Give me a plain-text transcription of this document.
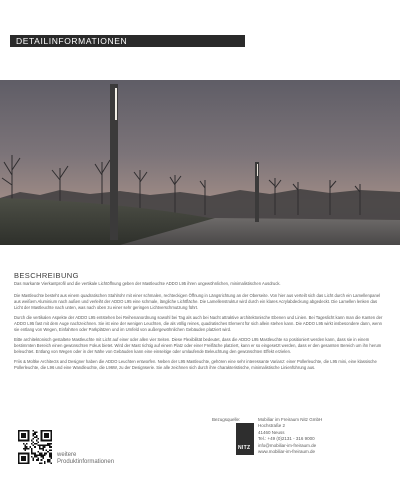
DETAILINFORMATIONEN
BESCHREIBUNG

Das markante Vierkantprofil und die vertikale Lichtöffnung geben der Mastleuchte ADDO L95 ihren ungewöhnlichen, minimalistischen Ausdruck.

Die Mastleuchte besteht aus einem quadratischen Stahlrohr mit einer schmalen, rechteckigen Öffnung in Längsrichtung an der Oberseite. Von hier aus verteilt sich das Licht durch ein Lamellenpanel aus weißem Aluminium nach außen und verleiht der ADDO L95 eine schmale, längliche Lichtfläche. Die Lamellenstruktur wird durch ein klares Acrylabdeckung abgedeckt. Die Lamellen lenken das Licht der Mastleuchte nach unten, was nach oben zu einer sehr geringen Lichtverschmutzung führt.

Durch die vertikalen Aspekte der ADDO L95 entstehen bei Reihenanordnung sowohl bei Tag als auch bei Nacht attraktive architektonische Ebenen und Linien. Bei Tageslicht kann man die Kanten der ADDO L95 fast mit dem Auge nachzeichnen. Sie ist eine der wenigen Leuchten, die als völlig reines, quadratisches Element für sich allein stehen kann. Die ADDO L95 wirkt insbesondere dann, wenn sie entlang von Wegen, Einfahrten oder Parkplätzen und im Umfeld von außergewöhnlichen Gebäuden platziert wird.

Bitte architektonisch gestaltete Mastleuchte mit Licht auf einer oder allen vier Seiten. Diese Flexibilität bedeutet, dass die ADDO L95 Mastleuchte so positioniert werden kann, dass sie in einem bestimmten Bereich einen gewünschten Fokus bietet. Wird der Mast richtig auf einem Platz oder einer Freifläche platziert, kann er so eingesetzt werden, dass er den gesamten Bereich um ihn herum beleuchtet. Entlang von Wegen oder in der Nähe von Gebäuden kann eine einseitige oder umlaufende Beleuchtung den gewünschten Effekt erzielen.

Friis & Moltke Architects and Designer haben die ADDO Leuchten entworfen. Neben der L95 Mastleuchte, gehören eine sehr interessante Varianz: einer Pollerleuchte, die L95 mini, eine klassische Pollerleuchte, die L96 und eine Wandleuchte, die L96W, zu der Designserie. Sie alle zeichnen sich durch ihre charakteristische, minimalistische Linienführung aus.

weitere
Produktinformationen
Bezugsquelle:
NITZ
Mobiliar im Freiraum Nitz GmbH
Hochstraße 2
41460 Neuss
Tel.: +49 (0)2131 - 316 9000
info@mobiliar-im-freiraum.de
www.mobiliar-im-freiraum.de
